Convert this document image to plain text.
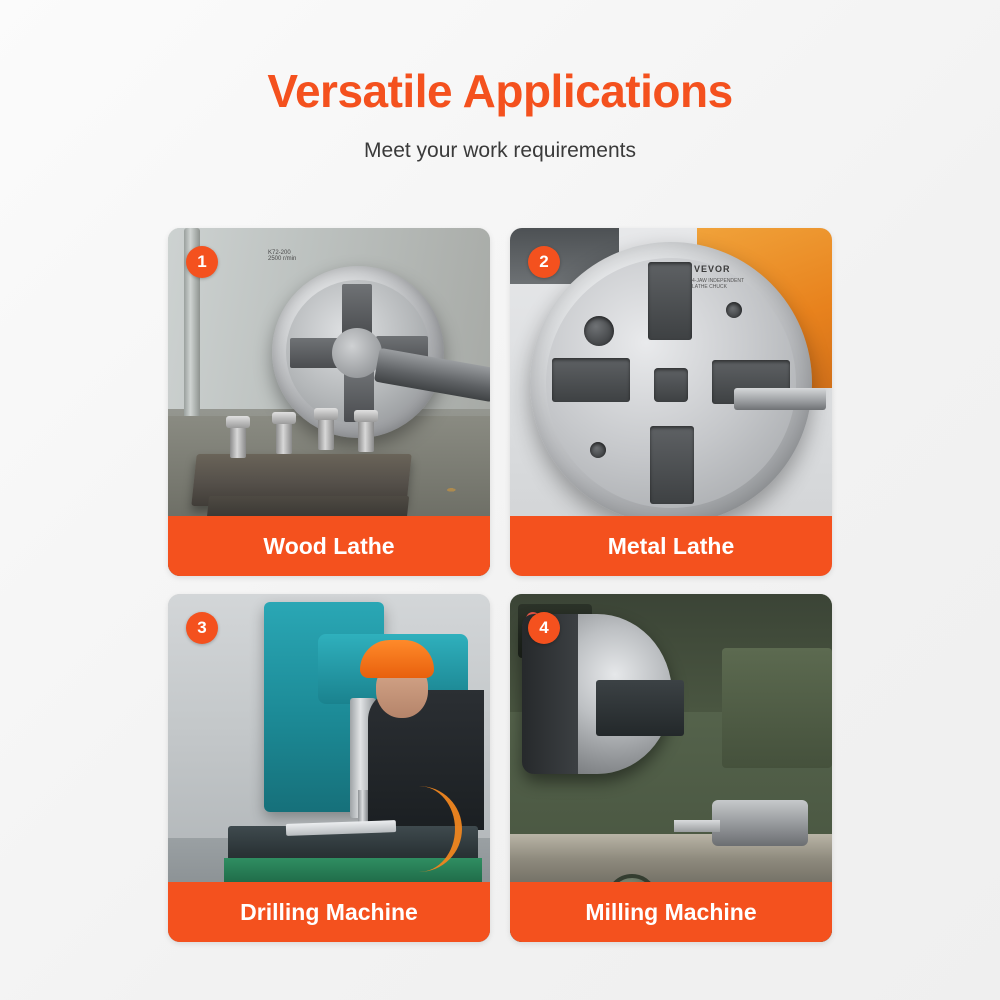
Versatile Applications

Meet your work requirements

K72-200
2500 r/min
1
Wood Lathe
VEVOR
4-JAW INDEPENDENT
LATHE CHUCK

2
Metal Lathe
3
Drilling Machine
4
Milling Machine
